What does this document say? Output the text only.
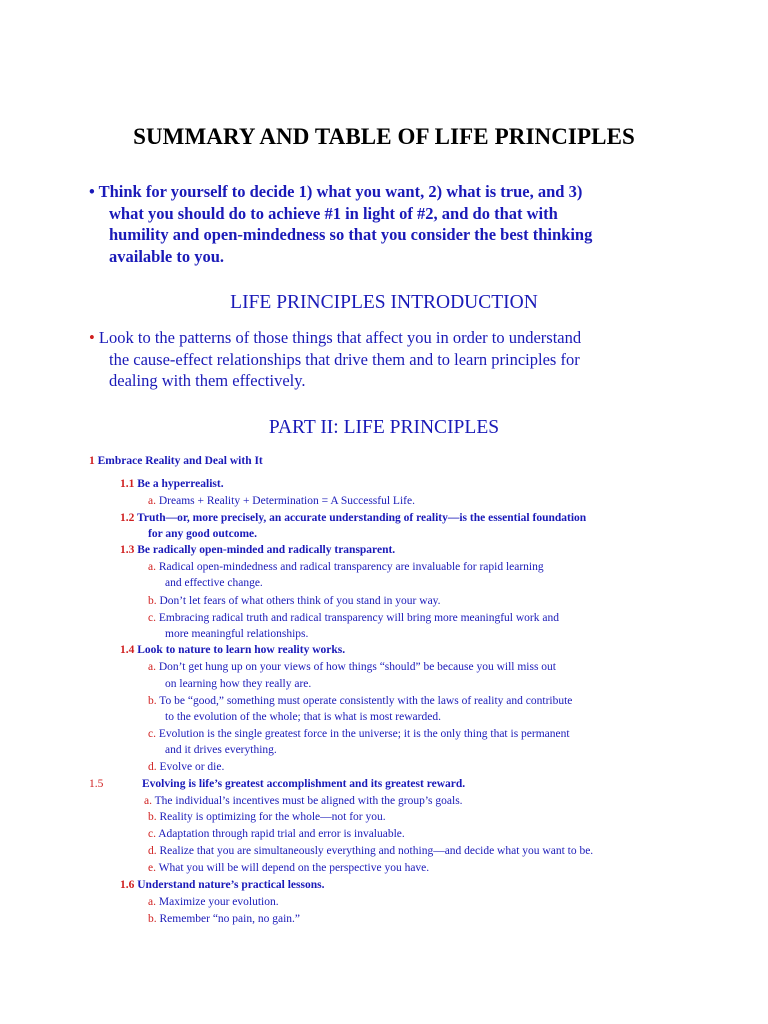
SUMMARY AND TABLE OF LIFE PRINCIPLES
• Think for yourself to decide 1) what you want, 2) what is true, and 3)
what you should do to achieve #1 in light of #2, and do that with
humility and open-mindedness so that you consider the best thinking
available to you.
LIFE PRINCIPLES INTRODUCTION
• Look to the patterns of those things that affect you in order to understand
the cause-effect relationships that drive them and to learn principles for
dealing with them effectively.
PART II: LIFE PRINCIPLES
1 Embrace Reality and Deal with It
1.1 Be a hyperrealist.
a. Dreams + Reality + Determination = A Successful Life.
1.2 Truth—or, more precisely, an accurate understanding of reality—is the essential foundation
for any good outcome.
1.3 Be radically open-minded and radically transparent.
a. Radical open-mindedness and radical transparency are invaluable for rapid learning
and effective change.
b. Don’t let fears of what others think of you stand in your way.
c. Embracing radical truth and radical transparency will bring more meaningful work and
more meaningful relationships.
1.4 Look to nature to learn how reality works.
a. Don’t get hung up on your views of how things “should” be because you will miss out
on learning how they really are.
b. To be “good,” something must operate consistently with the laws of reality and contribute
to the evolution of the whole; that is what is most rewarded.
c. Evolution is the single greatest force in the universe; it is the only thing that is permanent
and it drives everything.
d. Evolve or die.
1.5	Evolving is life’s greatest accomplishment and its greatest reward.
a. The individual’s incentives must be aligned with the group’s goals.
b. Reality is optimizing for the whole—not for you.
c. Adaptation through rapid trial and error is invaluable.
d. Realize that you are simultaneously everything and nothing—and decide what you want to be.
e. What you will be will depend on the perspective you have.
1.6 Understand nature’s practical lessons.
a. Maximize your evolution.
b. Remember “no pain, no gain.”
